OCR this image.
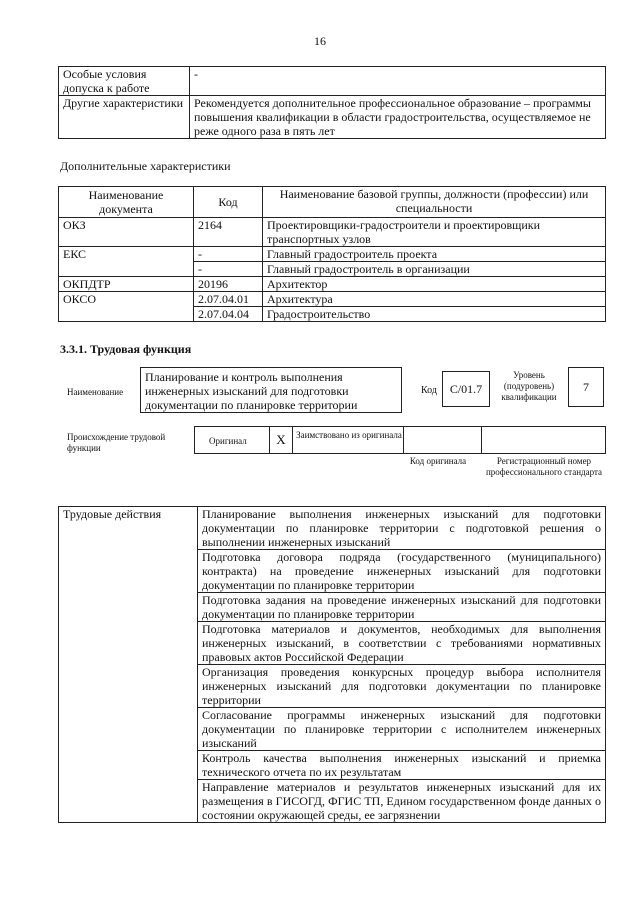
16
Особые условия допуска к работе	-
Другие характеристики	Рекомендуется дополнительное профессиональное образование – программы повышения квалификации в области градостроительства, осуществляемое не реже одного раза в пять лет
Дополнительные характеристики
Наименование документа	Код	Наименование базовой группы, должности (профессии) или специальности
ОКЗ	2164	Проектировщики-градостроители и проектировщики транспортных узлов
ЕКС	-	Главный градостроитель проекта
	-	Главный градостроитель в организации
ОКПДТР	20196	Архитектор
ОКСО	2.07.04.01	Архитектура
	2.07.04.04	Градостроительство
3.3.1. Трудовая функция
Наименование
Планирование и контроль выполнения инженерных изысканий для подготовки документации по планировке территории
Код	C/01.7
Уровень (подуровень) квалификации
7
Происхождение трудовой функции
Оригинал	X	Заимствовано из оригинала
Код оригинала	Регистрационный номер профессионального стандарта
Трудовые действия	Планирование выполнения инженерных изысканий для подготовки документации по планировке территории с подготовкой решения о выполнении инженерных изысканий
Подготовка договора подряда (государственного (муниципального) контракта) на проведение инженерных изысканий для подготовки документации по планировке территории
Подготовка задания на проведение инженерных изысканий для подготовки документации по планировке территории
Подготовка материалов и документов, необходимых для выполнения инженерных изысканий, в соответствии с требованиями нормативных правовых актов Российской Федерации
Организация проведения конкурсных процедур выбора исполнителя инженерных изысканий для подготовки документации по планировке территории
Согласование программы инженерных изысканий для подготовки документации по планировке территории с исполнителем инженерных изысканий
Контроль качества выполнения инженерных изысканий и приемка технического отчета по их результатам
Направление материалов и результатов инженерных изысканий для их размещения в ГИСОГД, ФГИС ТП, Едином государственном фонде данных о состоянии окружающей среды, ее загрязнении
